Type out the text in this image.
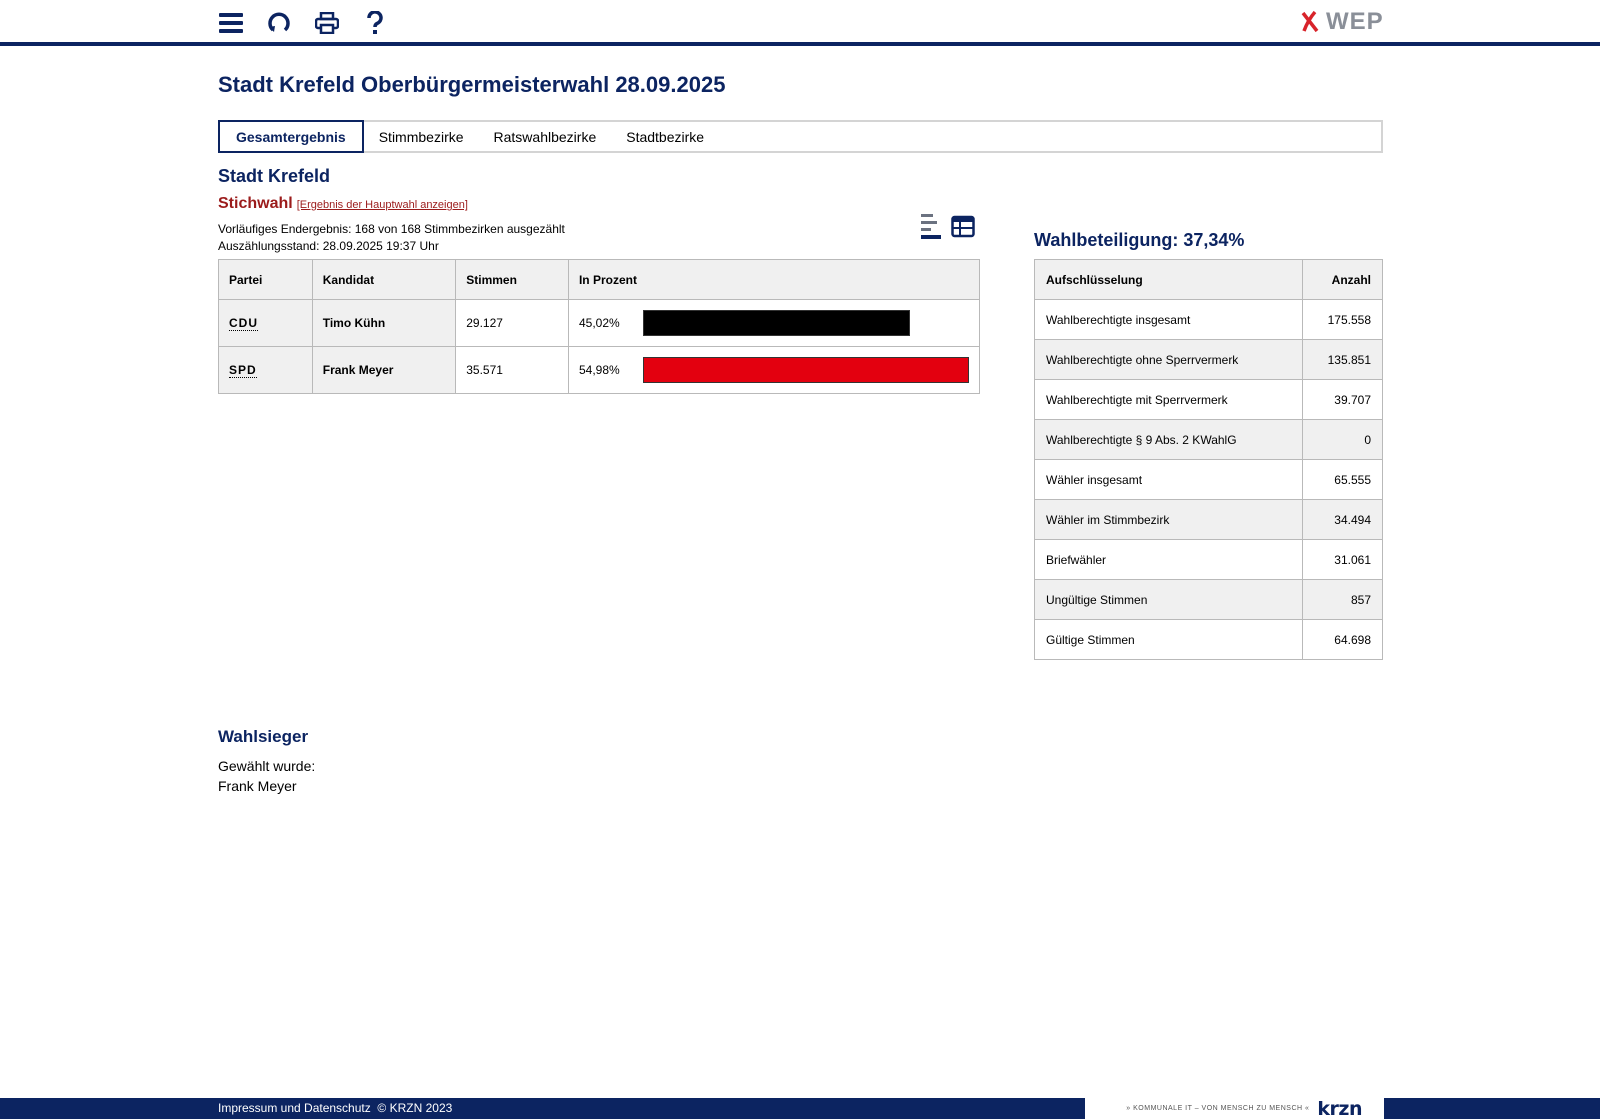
WEP
Stadt Krefeld Oberbürgermeisterwahl 28.09.2025
Gesamtergebnis	Stimmbezirke	Ratswahlbezirke	Stadtbezirke
Stadt Krefeld
Stichwahl [Ergebnis der Hauptwahl anzeigen]
Vorläufiges Endergebnis: 168 von 168 Stimmbezirken ausgezählt
Auszählungsstand: 28.09.2025 19:37 Uhr
Partei	Kandidat	Stimmen	In Prozent
CDU	Timo Kühn	29.127	45,02%

SPD	Frank Meyer	35.571	54,98%
Wahlbeteiligung: 37,34%
Aufschlüsselung	Anzahl
Wahlberechtigte insgesamt	175.558
Wahlberechtigte ohne Sperrvermerk	135.851
Wahlberechtigte mit Sperrvermerk	39.707
Wahlberechtigte § 9 Abs. 2 KWahlG	0
Wähler insgesamt	65.555
Wähler im Stimmbezirk	34.494
Briefwähler	31.061
Ungültige Stimmen	857
Gültige Stimmen	64.698
Wahlsieger
Gewählt wurde:
Frank Meyer
Impressum und Datenschutz © KRZN 2023	» KOMMUNALE IT – VON MENSCH ZU MENSCH « krzn
